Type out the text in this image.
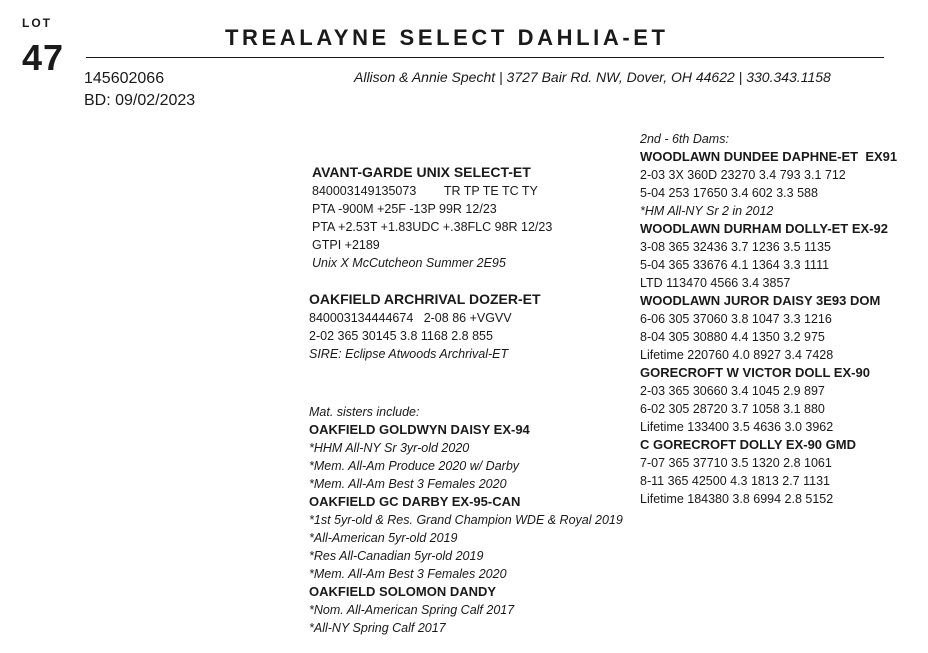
LOT
47	TREALAYNE SELECT DAHLIA-ET
145602066
BD: 09/02/2023
Allison & Annie Specht | 3727 Bair Rd. NW, Dover, OH 44622 | 330.343.1158
AVANT-GARDE UNIX SELECT-ET
840003149135073        TR TP TE TC TY
PTA -900M +25F -13P 99R 12/23
PTA +2.53T +1.83UDC +.38FLC 98R 12/23
GTPI +2189
Unix X McCutcheon Summer 2E95
OAKFIELD ARCHRIVAL DOZER-ET
840003134444674   2-08 86 +VGVV
2-02 365 30145 3.8 1168 2.8 855
SIRE: Eclipse Atwoods Archrival-ET
Mat. sisters include:
OAKFIELD GOLDWYN DAISY EX-94
*HHM All-NY Sr 3yr-old 2020
*Mem. All-Am Produce 2020 w/ Darby
*Mem. All-Am Best 3 Females 2020
OAKFIELD GC DARBY EX-95-CAN
*1st 5yr-old & Res. Grand Champion WDE & Royal 2019
*All-American 5yr-old 2019
*Res All-Canadian 5yr-old 2019
*Mem. All-Am Best 3 Females 2020
OAKFIELD SOLOMON DANDY
*Nom. All-American Spring Calf 2017
*All-NY Spring Calf 2017
2nd - 6th Dams:
WOODLAWN DUNDEE DAPHNE-ET  EX91
2-03 3X 360D 23270 3.4 793 3.1 712
5-04 253 17650 3.4 602 3.3 588
*HM All-NY Sr 2 in 2012
WOODLAWN DURHAM DOLLY-ET EX-92
3-08 365 32436 3.7 1236 3.5 1135
5-04 365 33676 4.1 1364 3.3 1111
LTD 113470 4566 3.4 3857
WOODLAWN JUROR DAISY 3E93 DOM
6-06 305 37060 3.8 1047 3.3 1216
8-04 305 30880 4.4 1350 3.2 975
Lifetime 220760 4.0 8927 3.4 7428
GORECROFT W VICTOR DOLL EX-90
2-03 365 30660 3.4 1045 2.9 897
6-02 305 28720 3.7 1058 3.1 880
Lifetime 133400 3.5 4636 3.0 3962
C GORECROFT DOLLY EX-90 GMD
7-07 365 37710 3.5 1320 2.8 1061
8-11 365 42500 4.3 1813 2.7 1131
Lifetime 184380 3.8 6994 2.8 5152
